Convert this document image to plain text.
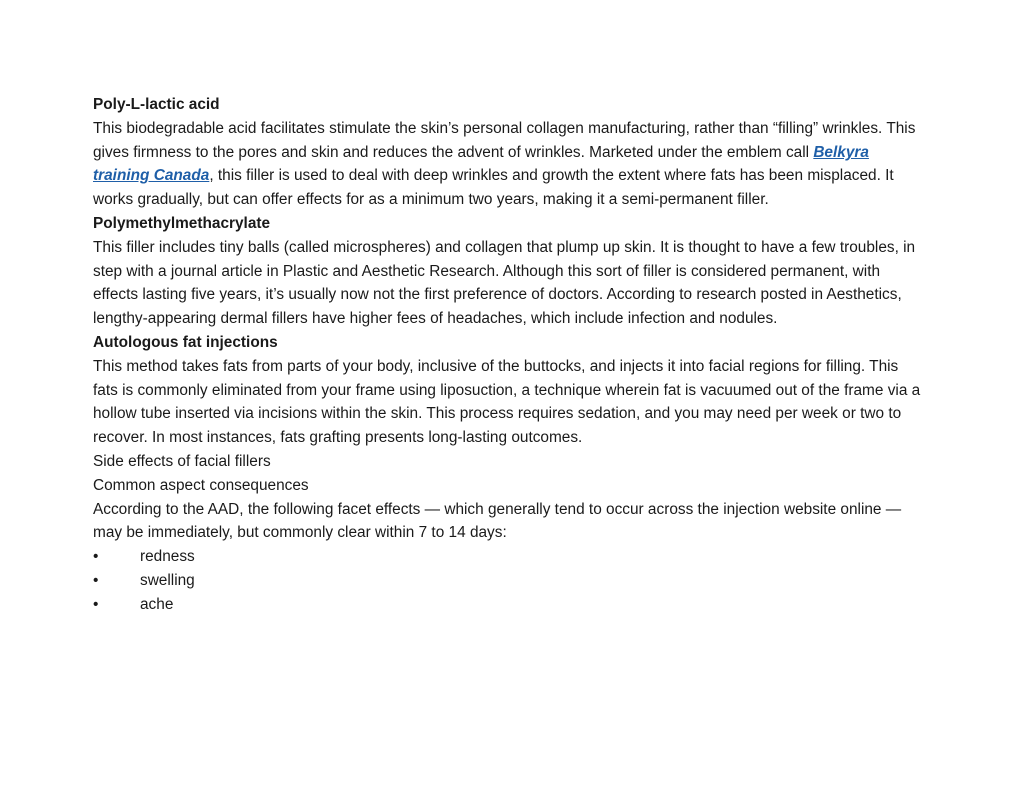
Poly-L-lactic acid

This biodegradable acid facilitates stimulate the skin’s personal collagen manufacturing, rather than “filling” wrinkles. This gives firmness to the pores and skin and reduces the advent of wrinkles. Marketed under the emblem call Belkyra training Canada, this filler is used to deal with deep wrinkles and growth the extent where fats has been misplaced. It works gradually, but can offer effects for as a minimum two years, making it a semi-permanent filler.

Polymethylmethacrylate

This filler includes tiny balls (called microspheres) and collagen that plump up skin. It is thought to have a few troubles, in step with a journal article in Plastic and Aesthetic Research. Although this sort of filler is considered permanent, with effects lasting five years, it’s usually now not the first preference of doctors. According to research posted in Aesthetics, lengthy-appearing dermal fillers have higher fees of headaches, which include infection and nodules.

Autologous fat injections

This method takes fats from parts of your body, inclusive of the buttocks, and injects it into facial regions for filling. This fats is commonly eliminated from your frame using liposuction, a technique wherein fat is vacuumed out of the frame via a hollow tube inserted via incisions within the skin. This process requires sedation, and you may need per week or two to recover. In most instances, fats grafting presents long-lasting outcomes.

Side effects of facial fillers

Common aspect consequences

According to the AAD, the following facet effects — which generally tend to occur across the injection website online — may be immediately, but commonly clear within 7 to 14 days:

•	redness
•	swelling
•	ache
